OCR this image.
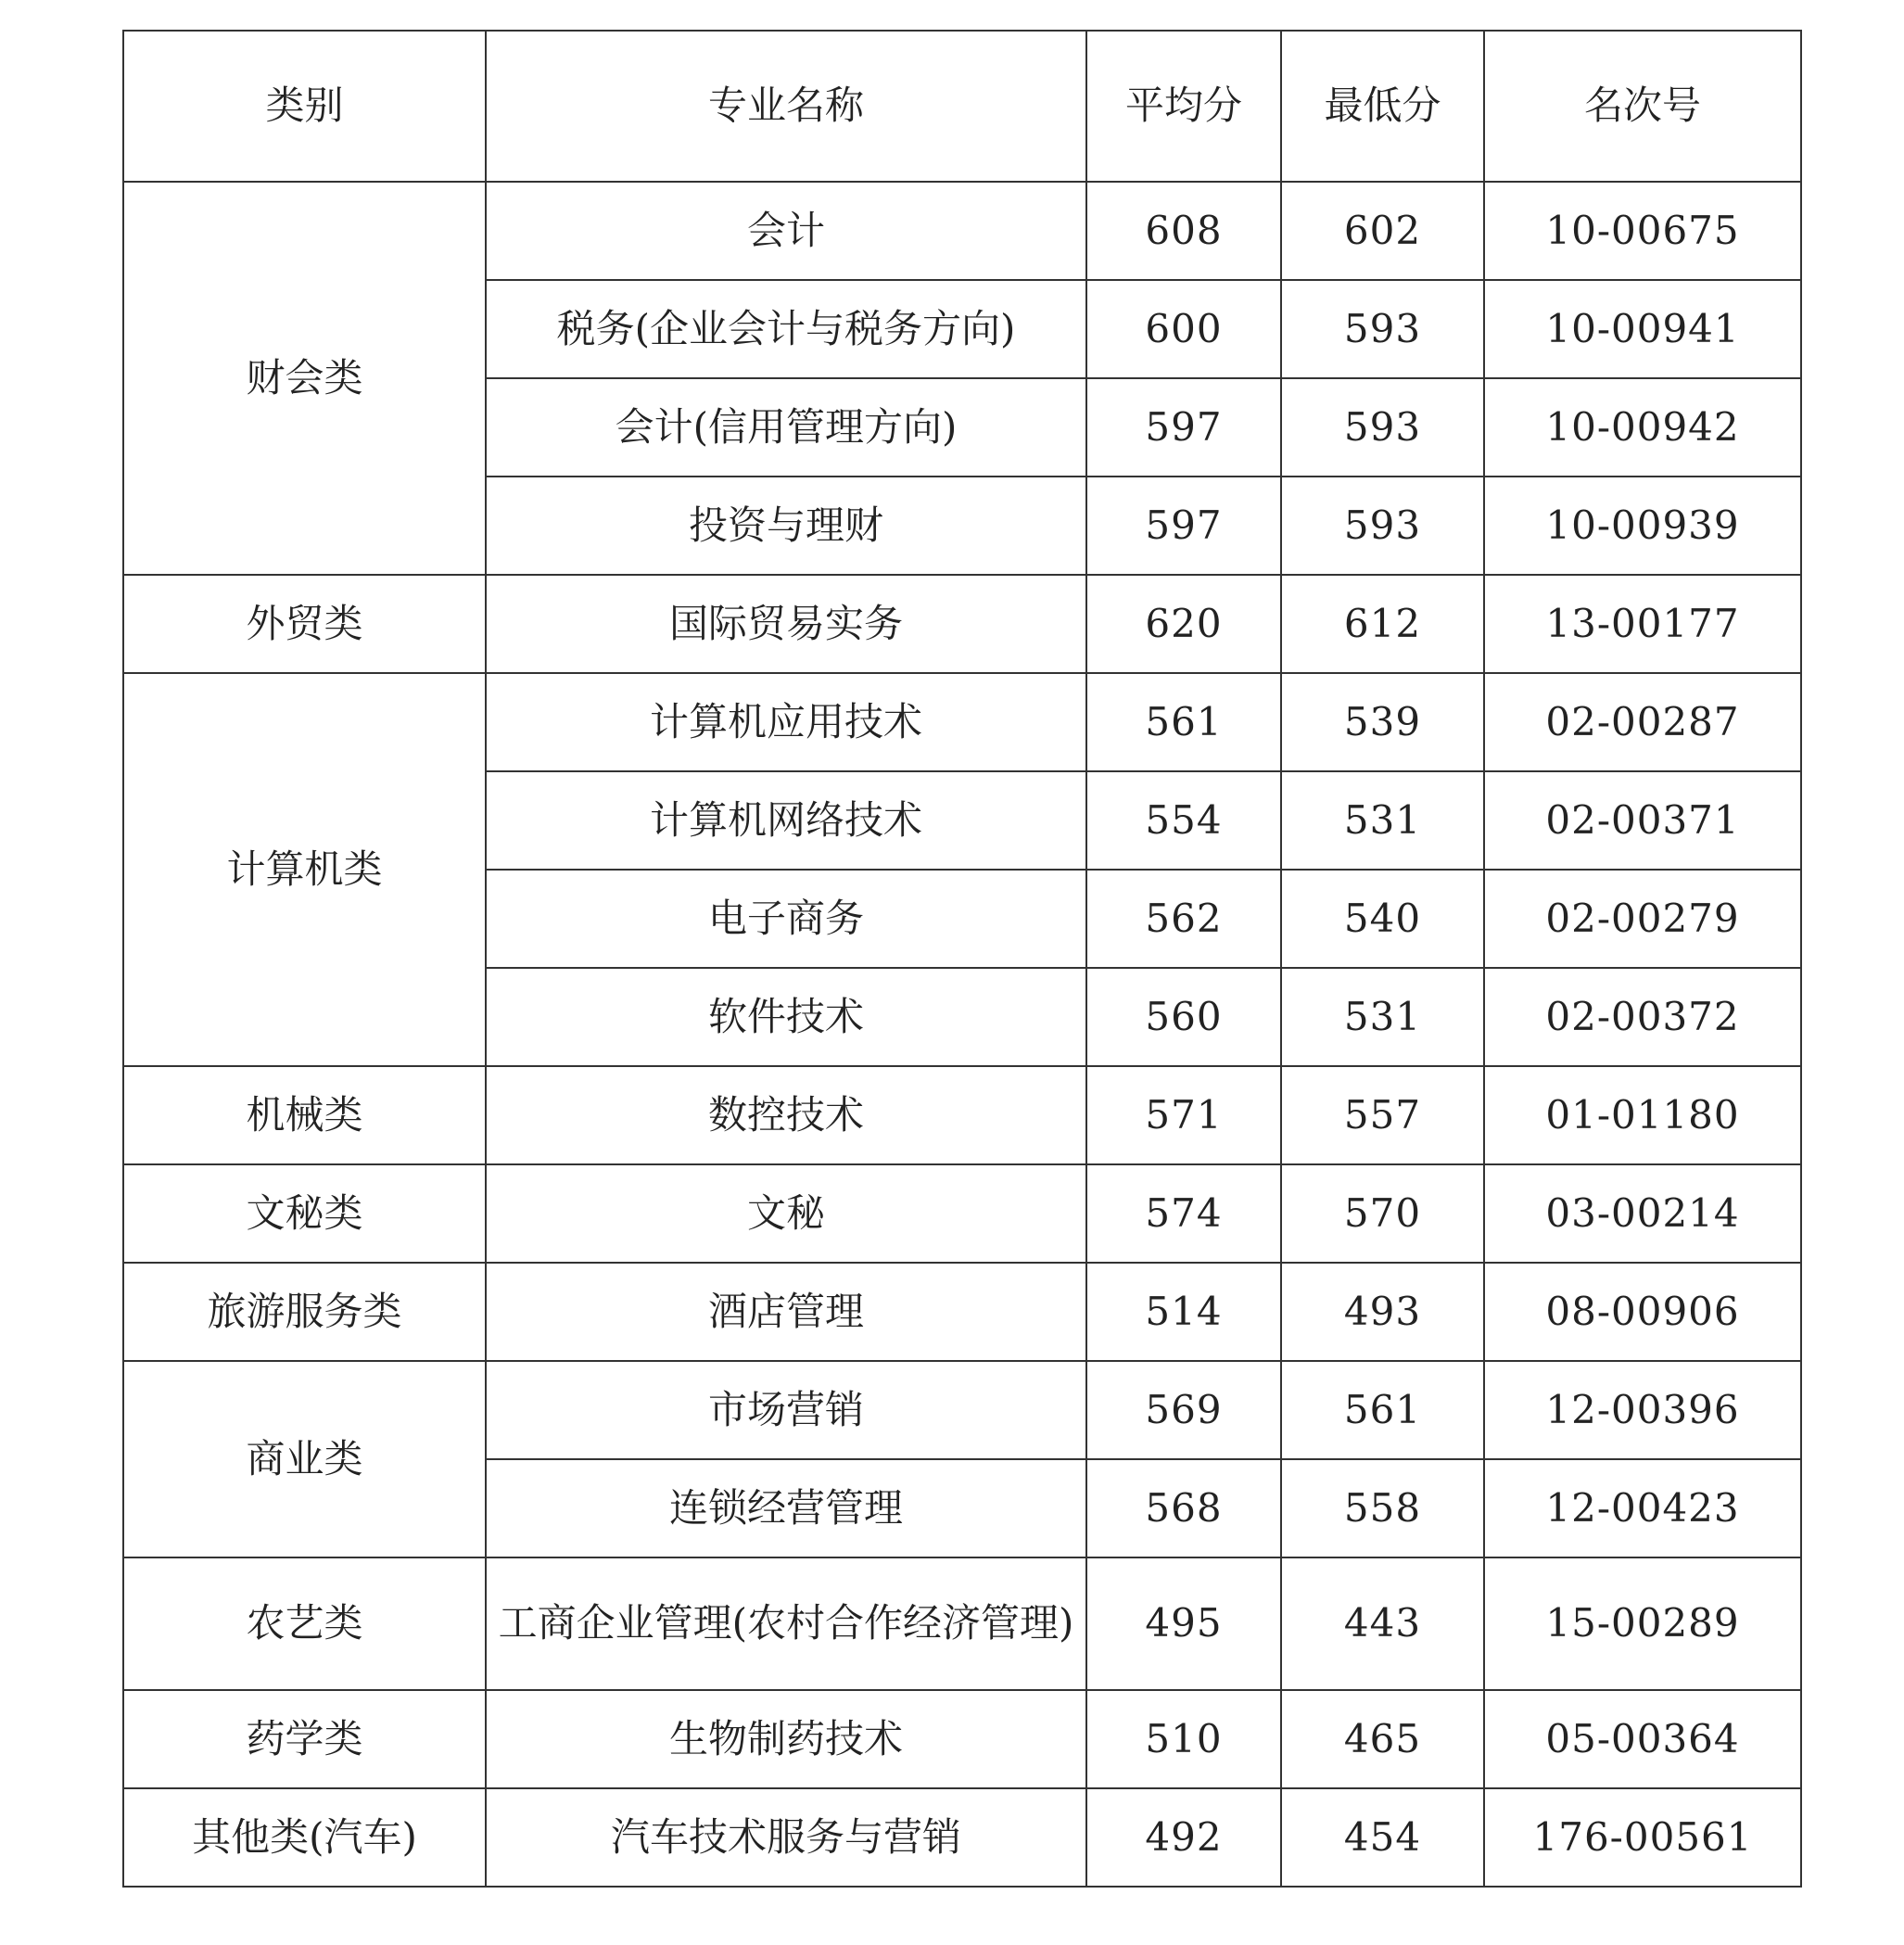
类别	专业名称	平均分	最低分	名次号
财会类	会计	608	602	10-00675
	税务(企业会计与税务方向)	600	593	10-00941
	会计(信用管理方向)	597	593	10-00942
	投资与理财	597	593	10-00939
外贸类	国际贸易实务	620	612	13-00177
计算机类	计算机应用技术	561	539	02-00287
	计算机网络技术	554	531	02-00371
	电子商务	562	540	02-00279
	软件技术	560	531	02-00372
机械类	数控技术	571	557	01-01180
文秘类	文秘	574	570	03-00214
旅游服务类	酒店管理	514	493	08-00906
商业类	市场营销	569	561	12-00396
	连锁经营管理	568	558	12-00423
农艺类	工商企业管理(农村合作经济管理)	495	443	15-00289
药学类	生物制药技术	510	465	05-00364
其他类(汽车)	汽车技术服务与营销	492	454	176-00561
